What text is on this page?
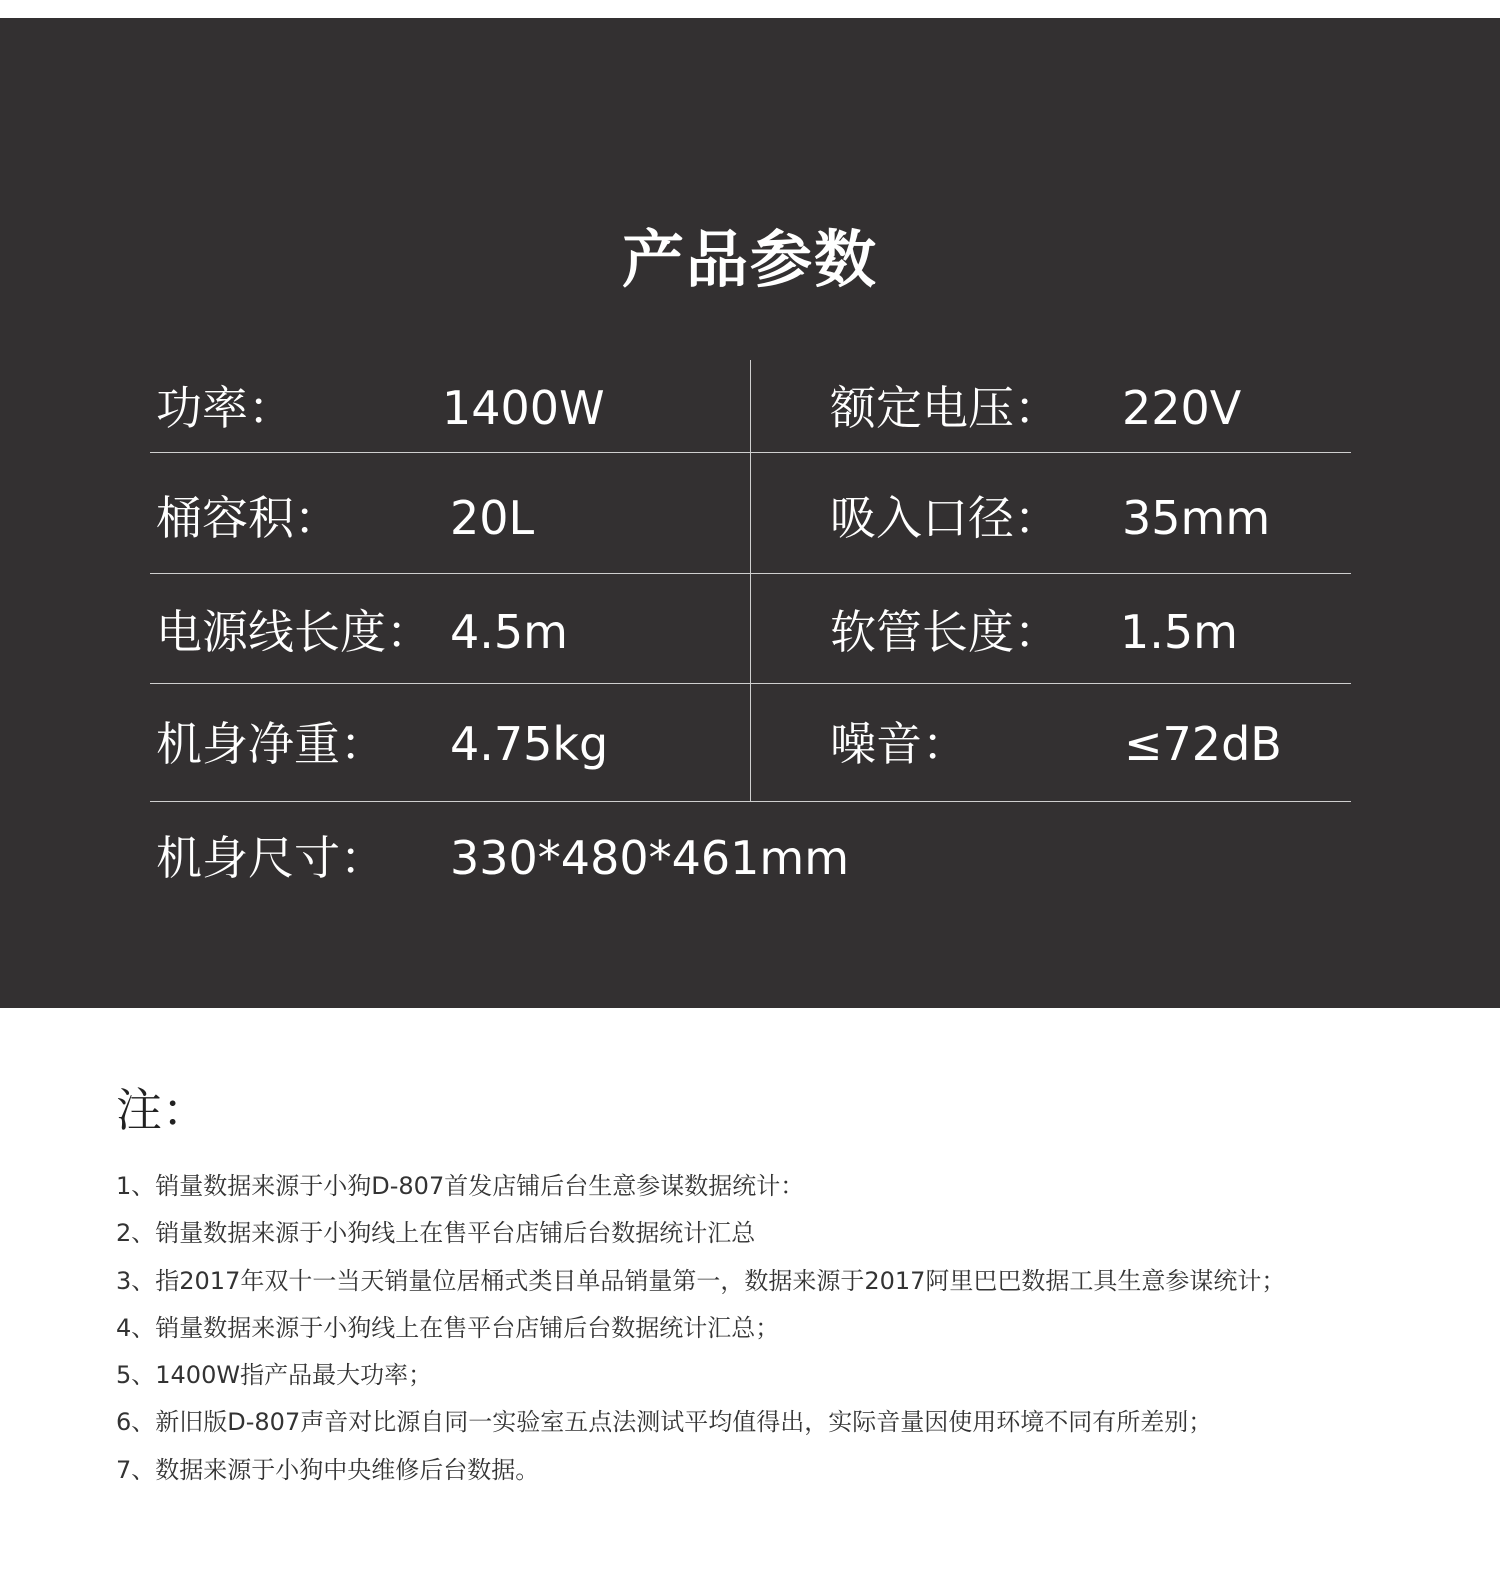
产品参数
功率：	1400W	额定电压： 220V
桶容积： 20L	吸入口径： 35mm
电源线长度： 4.5m	软管长度： 1.5m
机身净重： 4.75kg	噪音：	≤72dB
机身尺寸： 330*480*461mm
注：
1、销量数据来源于小狗D-807首发店铺后台生意参谋数据统计：
2、销量数据来源于小狗线上在售平台店铺后台数据统计汇总
3、指2017年双十一当天销量位居桶式类目单品销量第一，数据来源于2017阿里巴巴数据工具生意参谋统计；
4、销量数据来源于小狗线上在售平台店铺后台数据统计汇总；
5、1400W指产品最大功率；
6、新旧版D-807声音对比源自同一实验室五点法测试平均值得出，实际音量因使用环境不同有所差别；
7、数据来源于小狗中央维修后台数据。
